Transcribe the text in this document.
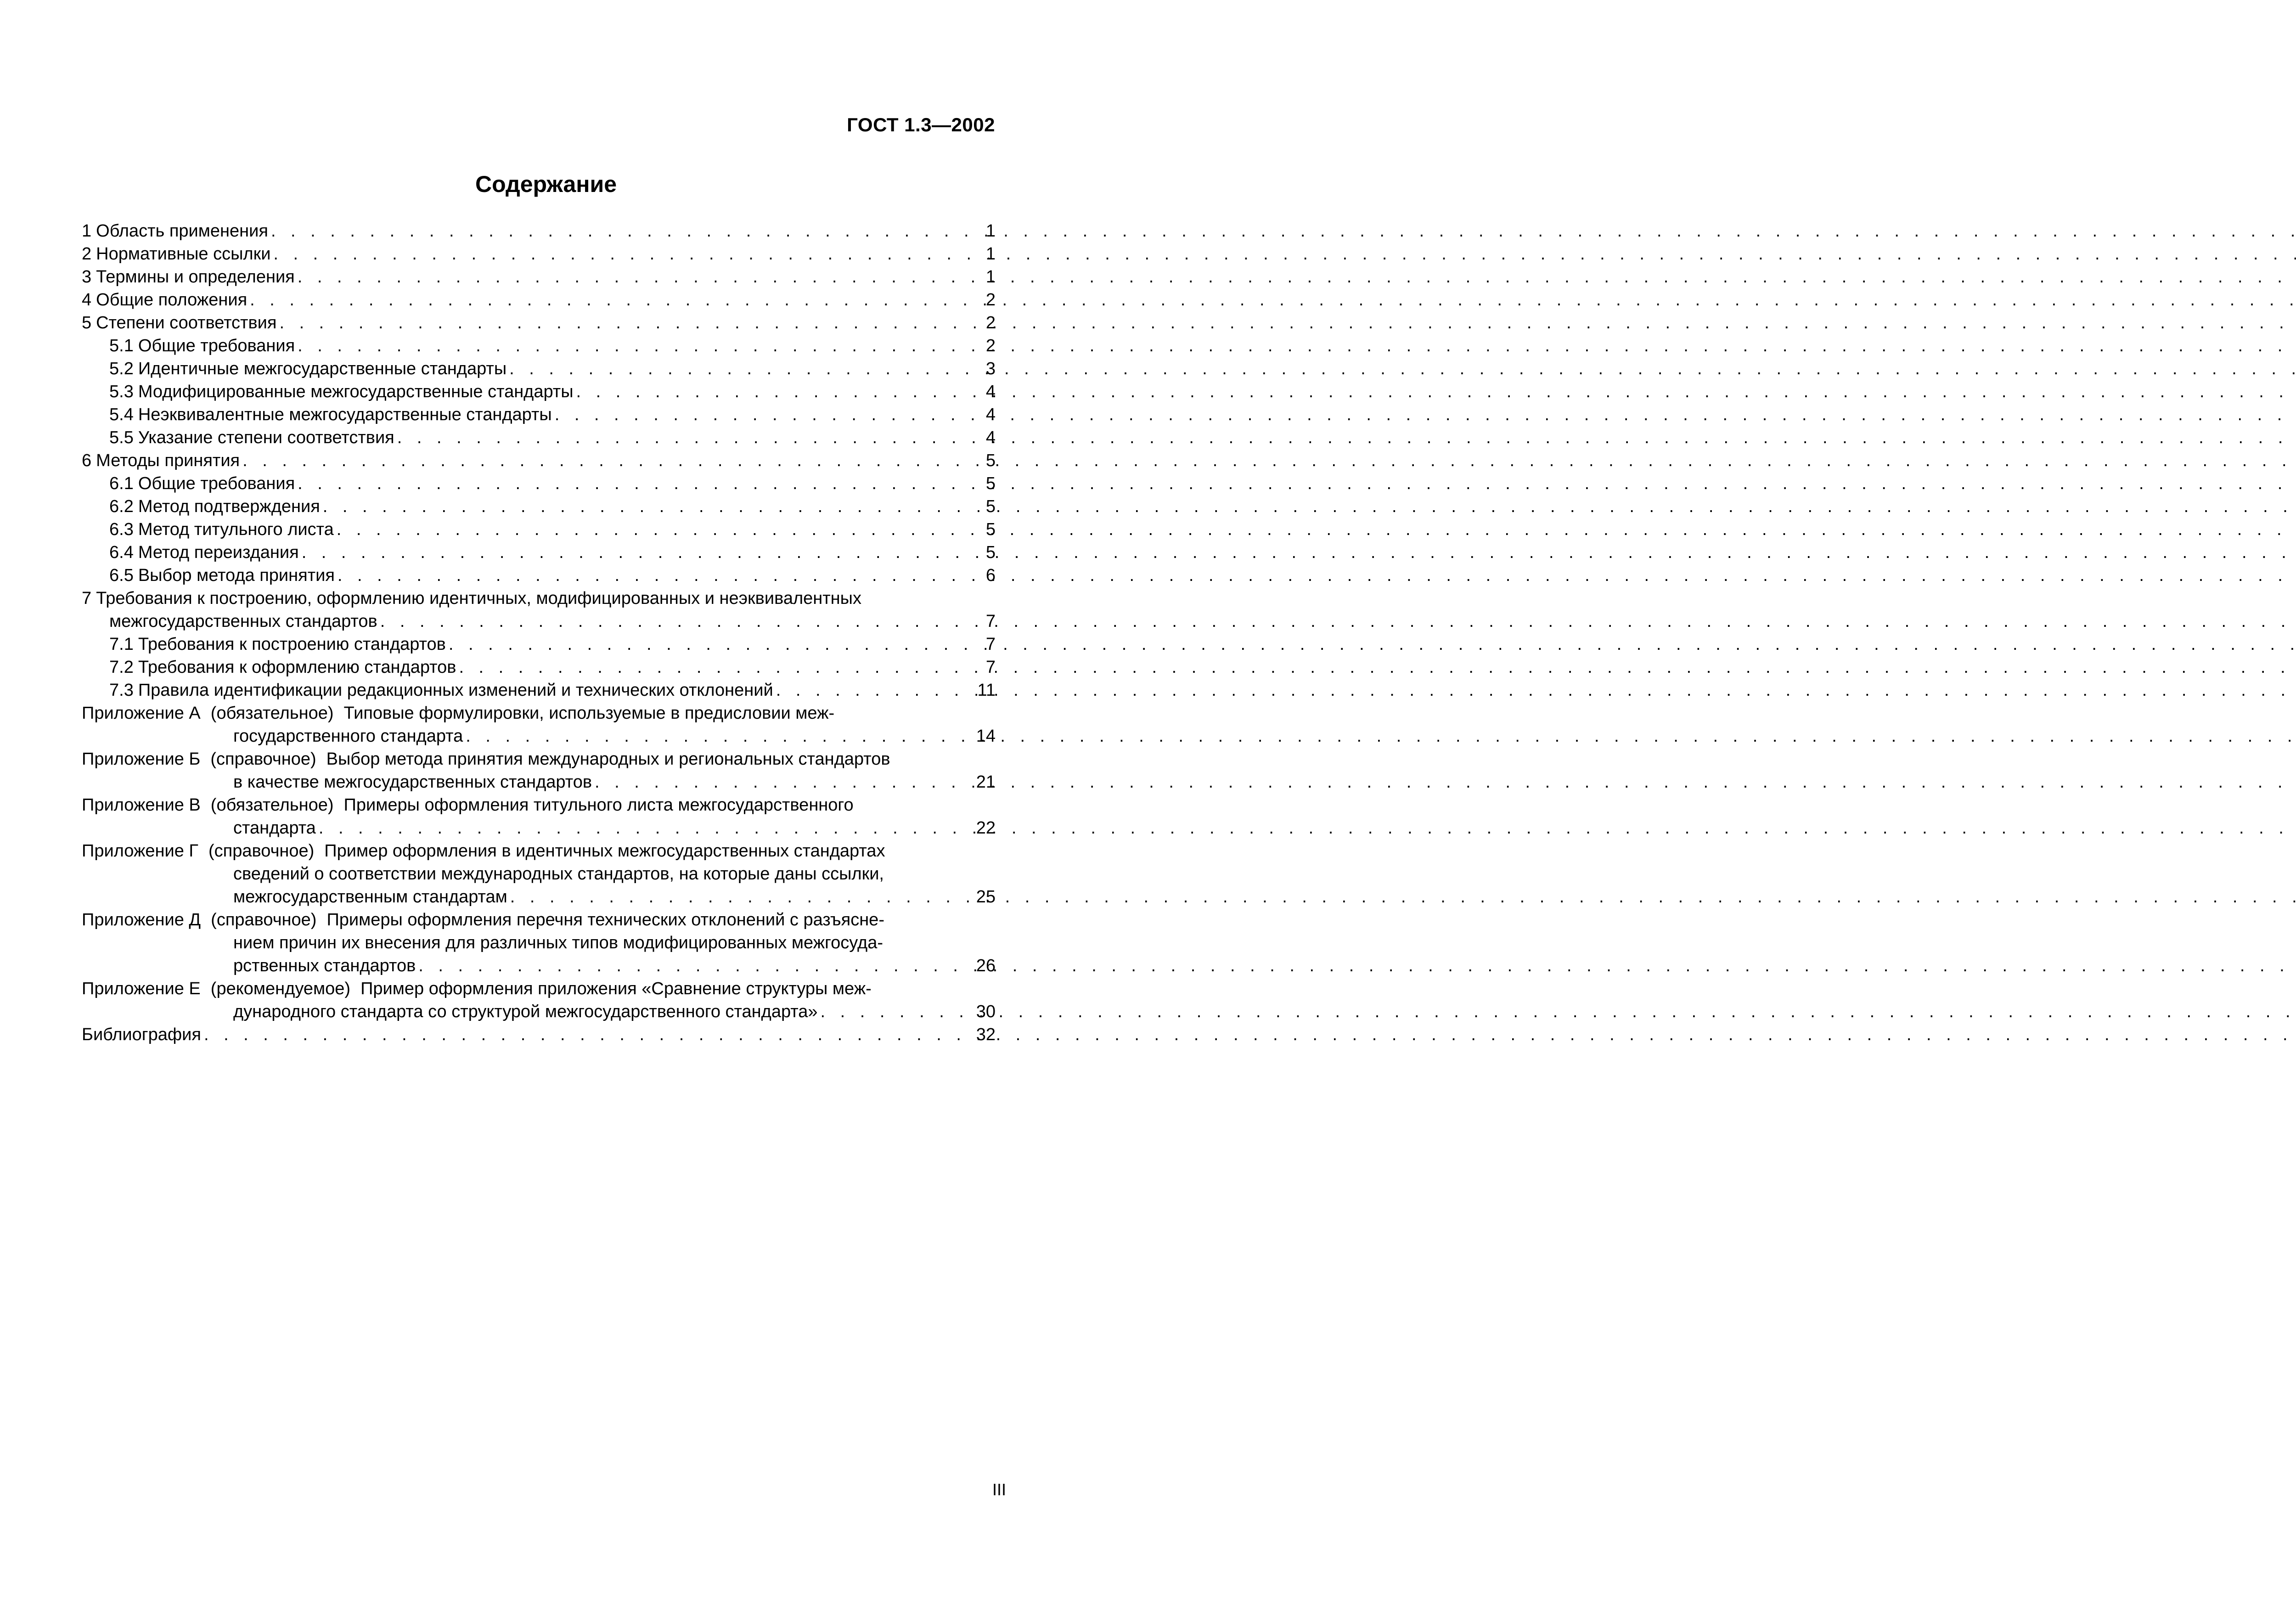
ГОСТ 1.3—2002
Содержание
1 Область применения . . .	1
2 Нормативные ссылки . . .	1
3 Термины и определения . . .	1
4 Общие положения . . .	2
5 Степени соответствия . . .	2
5.1 Общие требования . . .	2
5.2 Идентичные межгосударственные стандарты . . .	3
5.3 Модифицированные межгосударственные стандарты . . .	4
5.4 Неэквивалентные межгосударственные стандарты . . .	4
5.5 Указание степени соответствия . . .	4
6 Методы принятия . . .	5
6.1 Общие требования . . .	5
6.2 Метод подтверждения . . .	5
6.3 Метод титульного листа . . .	5
6.4 Метод переиздания . . .	5
6.5 Выбор метода принятия . . .	6
7 Требования к построению, оформлению идентичных, модифицированных и неэквивалентных
межгосударственных стандартов . . .	7
7.1 Требования к построению стандартов . . .	7
7.2 Требования к оформлению стандартов . . .	7
7.3 Правила идентификации редакционных изменений и технических отклонений . . .	11
Приложение А (обязательное) Типовые формулировки, используемые в предисловии меж-
государственного стандарта . . .	14
Приложение Б (справочное) Выбор метода принятия международных и региональных стандартов
в качестве межгосударственных стандартов . . .	21
Приложение В (обязательное) Примеры оформления титульного листа межгосударственного
стандарта . . .	22
Приложение Г (справочное) Пример оформления в идентичных межгосударственных стандартах
сведений о соответствии международных стандартов, на которые даны ссылки,
межгосударственным стандартам . . .	25
Приложение Д (справочное) Примеры оформления перечня технических отклонений с разъясне-
нием причин их внесения для различных типов модифицированных межгосуда-
рственных стандартов . . .	26
Приложение Е (рекомендуемое) Пример оформления приложения «Сравнение структуры меж-
дународного стандарта со структурой межгосударственного стандарта» . . .	30
Библиография . . .	32
III
